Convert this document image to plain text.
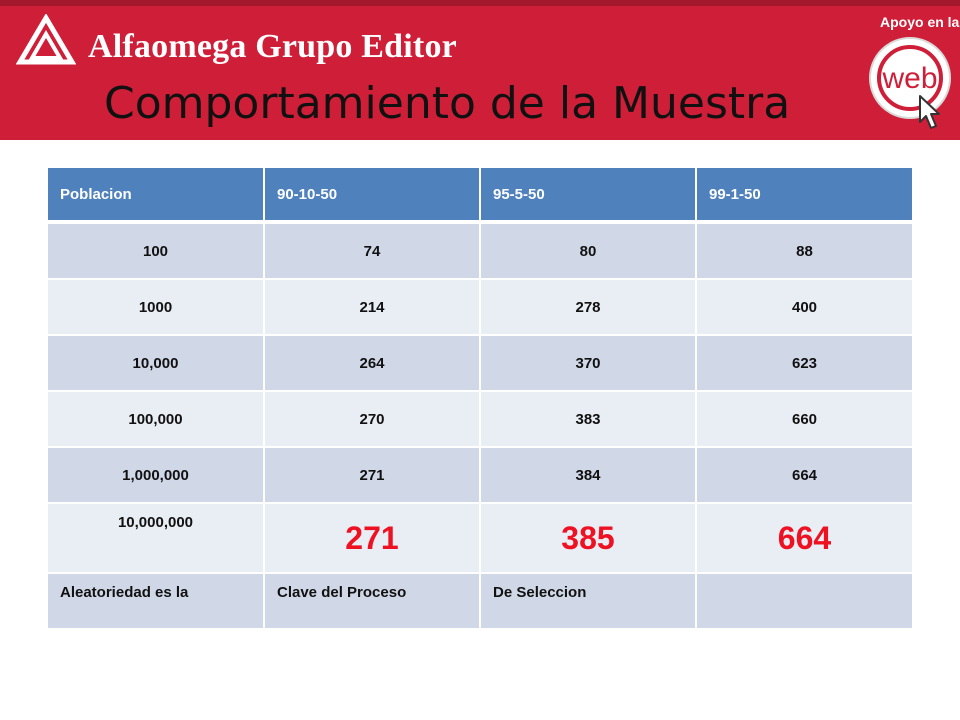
Alfaomega Grupo Editor
Comportamiento de la Muestra
Apoyo en la
web
Poblacion	90-10-50	95-5-50	99-1-50
100	74	80	88
1000	214	278	400
10,000	264	370	623
100,000	270	383	660
1,000,000	271	384	664
10,000,000	271	385	664
Aleatoriedad es la	Clave del Proceso	De Seleccion	
